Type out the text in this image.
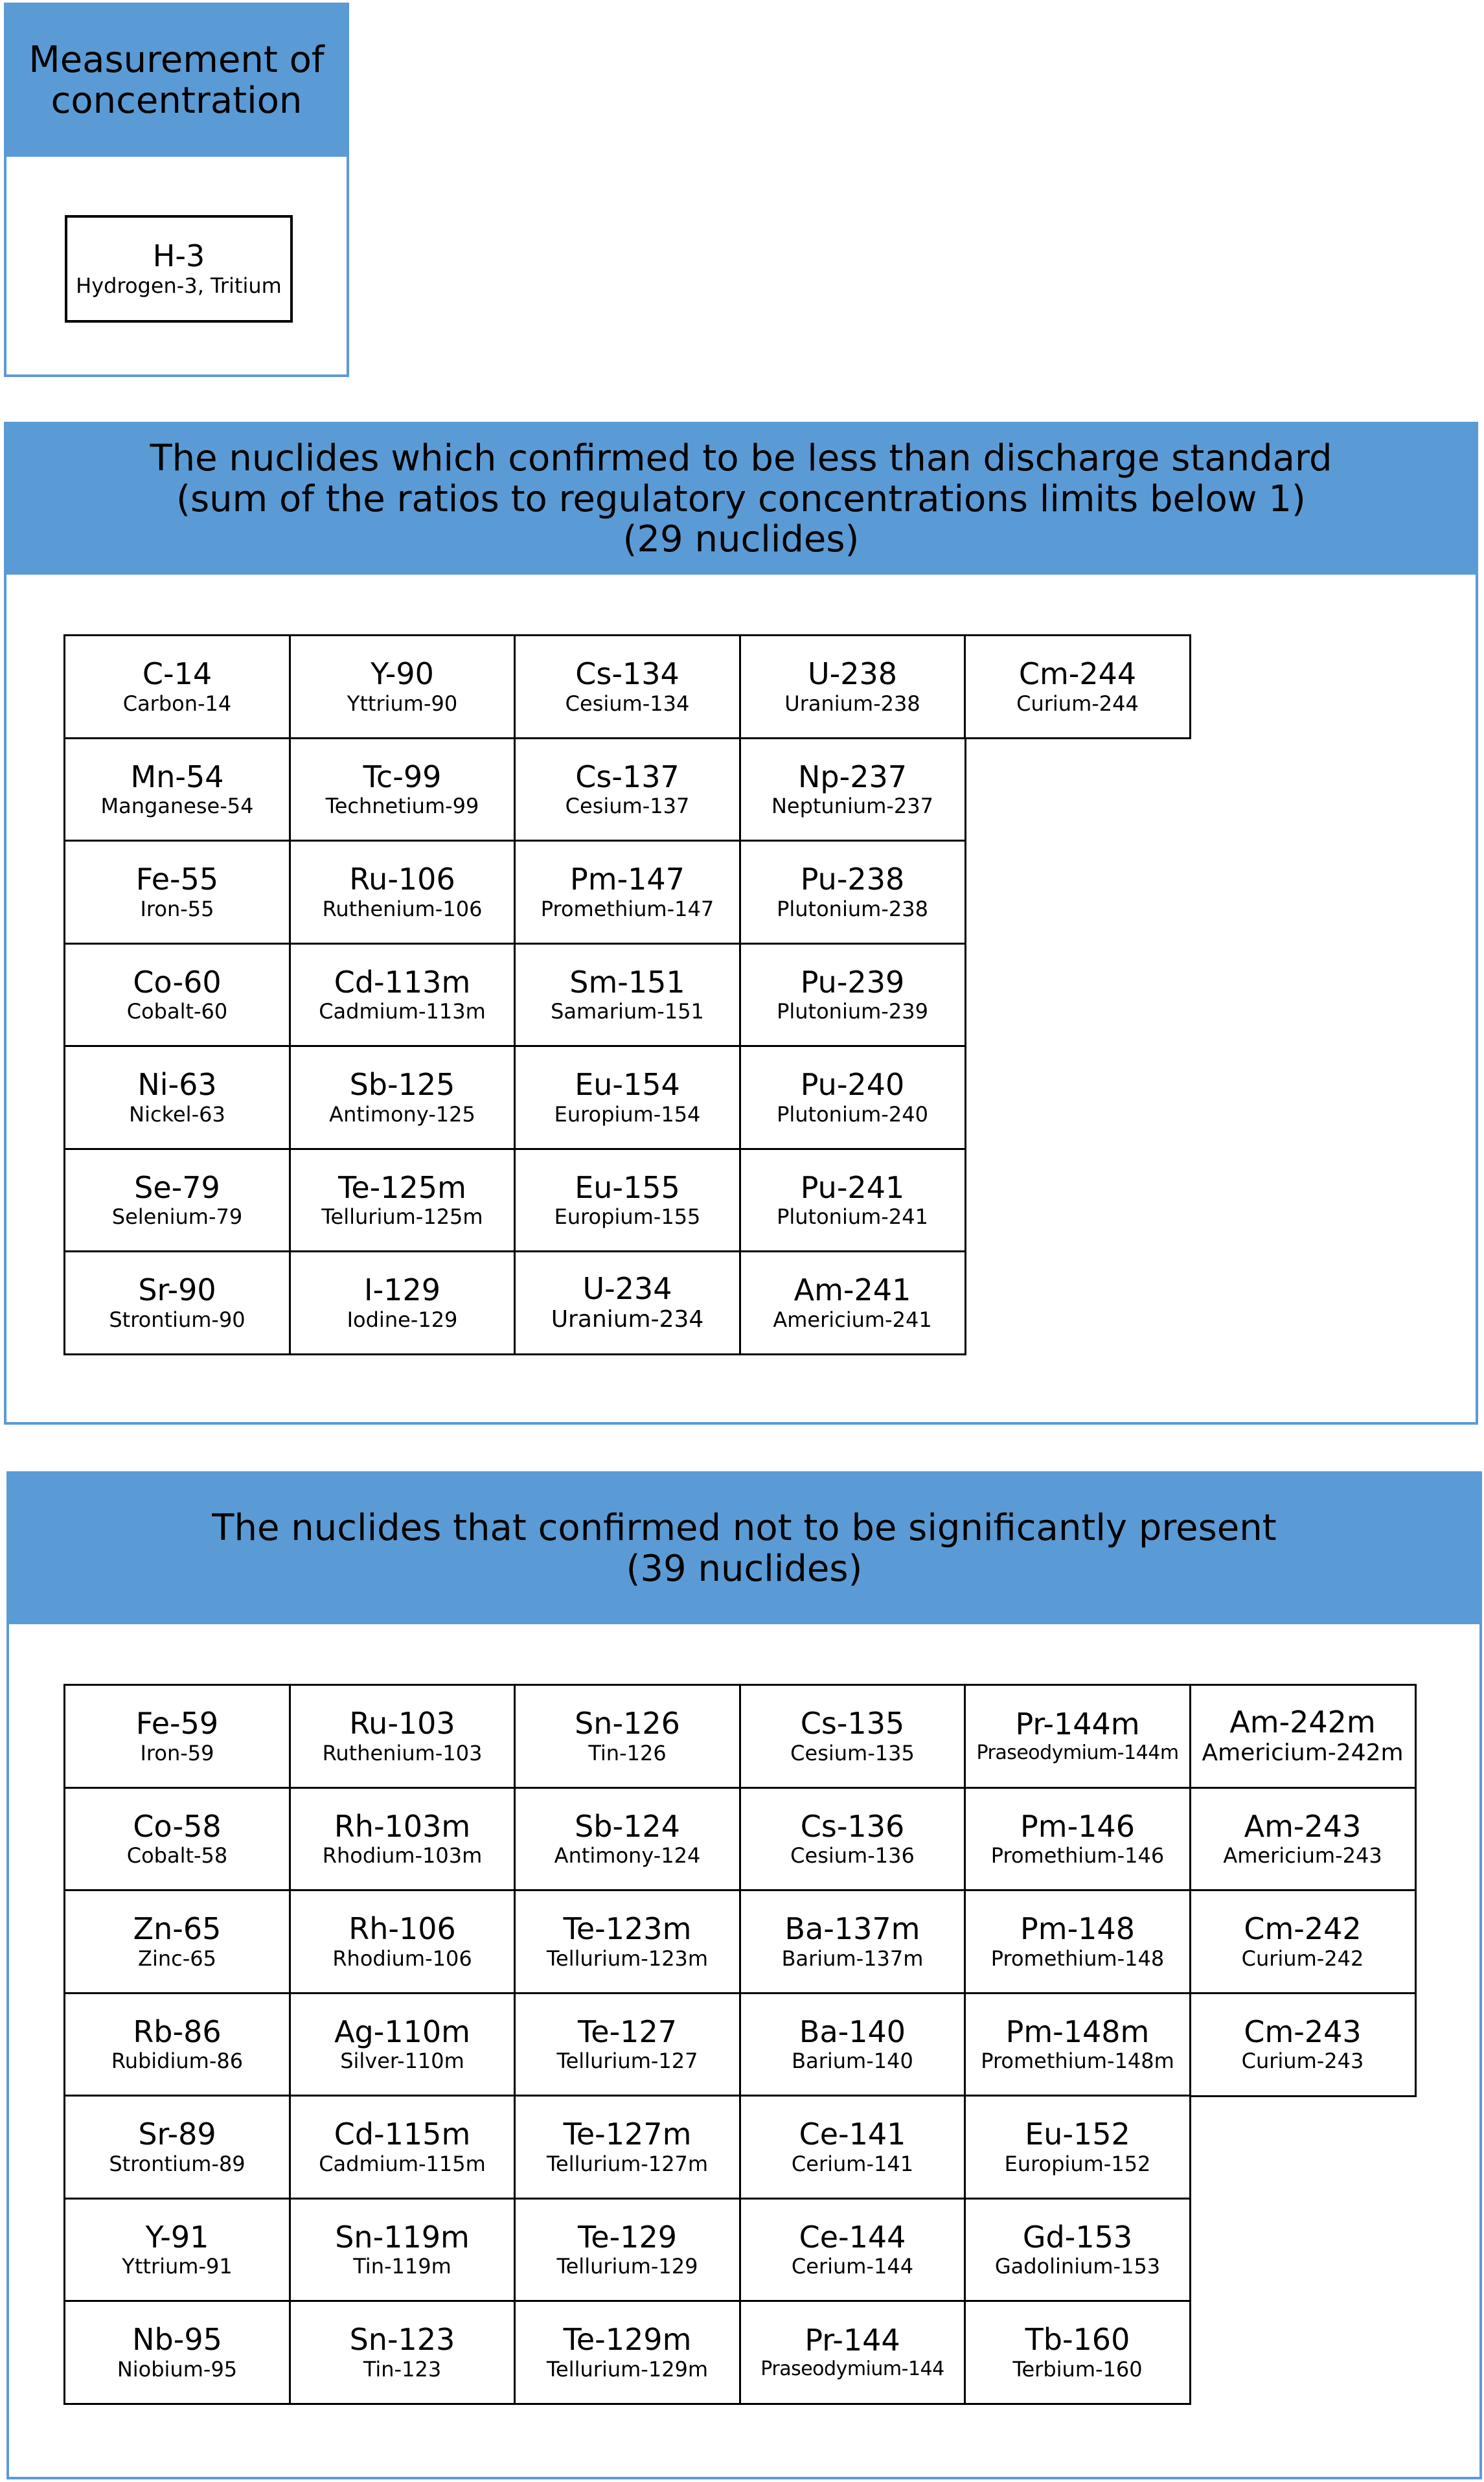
Measurement of
concentration
H-3
Hydrogen-3, Tritium
The nuclides which confirmed to be less than discharge standard
(sum of the ratios to regulatory concentrations limits below 1)
(29 nuclides)
C-14
Carbon-14
Mn-54
Manganese-54
Fe-55
Iron-55
Co-60
Cobalt-60
Ni-63
Nickel-63
Se-79
Selenium-79
Sr-90
Strontium-90
Y-90
Yttrium-90
Tc-99
Technetium-99
Ru-106
Ruthenium-106
Cd-113m
Cadmium-113m
Sb-125
Antimony-125
Te-125m
Tellurium-125m
I-129
Iodine-129
Cs-134
Cesium-134
Cs-137
Cesium-137
Pm-147
Promethium-147
Sm-151
Samarium-151
Eu-154
Europium-154
Eu-155
Europium-155
U-234
Uranium-234
U-238
Uranium-238
Np-237
Neptunium-237
Pu-238
Plutonium-238
Pu-239
Plutonium-239
Pu-240
Plutonium-240
Pu-241
Plutonium-241
Am-241
Americium-241
Cm-244
Curium-244
The nuclides that confirmed not to be significantly present
(39 nuclides)
Fe-59
Iron-59
Co-58
Cobalt-58
Zn-65
Zinc-65
Rb-86
Rubidium-86
Sr-89
Strontium-89
Y-91
Yttrium-91
Nb-95
Niobium-95
Ru-103
Ruthenium-103
Rh-103m
Rhodium-103m
Rh-106
Rhodium-106
Ag-110m
Silver-110m
Cd-115m
Cadmium-115m
Sn-119m
Tin-119m
Sn-123
Tin-123
Sn-126
Tin-126
Sb-124
Antimony-124
Te-123m
Tellurium-123m
Te-127
Tellurium-127
Te-127m
Tellurium-127m
Te-129
Tellurium-129
Te-129m
Tellurium-129m
Cs-135
Cesium-135
Cs-136
Cesium-136
Ba-137m
Barium-137m
Ba-140
Barium-140
Ce-141
Cerium-141
Ce-144
Cerium-144
Pr-144
Praseodymium-144
Pr-144m
Praseodymium-144m
Pm-146
Promethium-146
Pm-148
Promethium-148
Pm-148m
Promethium-148m
Eu-152
Europium-152
Gd-153
Gadolinium-153
Tb-160
Terbium-160
Am-242m
Americium-242m
Am-243
Americium-243
Cm-242
Curium-242
Cm-243
Curium-243
